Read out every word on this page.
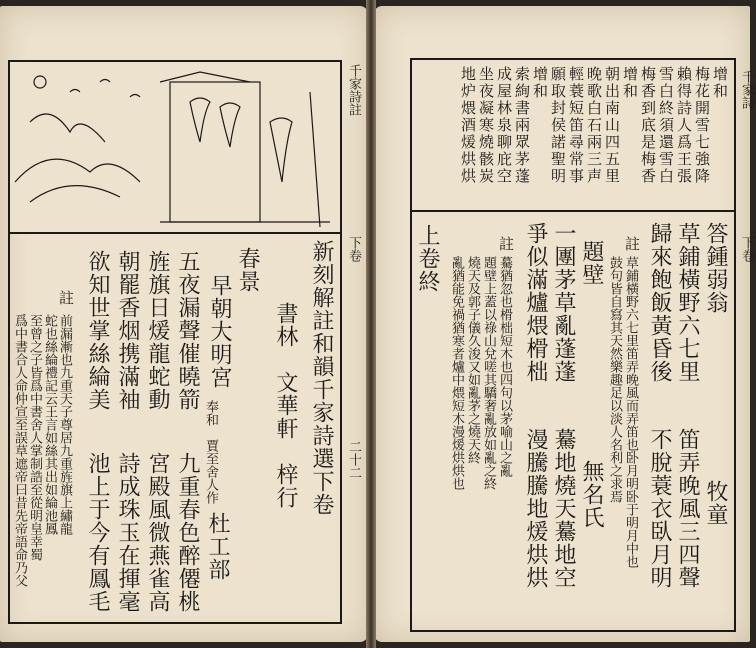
新刻解註和韻千家詩選下卷
書林　文華軒　梓行
春景
早朝大明宮
奉和　賈至舍人作
杜工部
五夜漏聲催曉箭
旌旗日煖龍蛇動
朝罷香烟携滿袖
欲知世掌絲綸美
九重春色醉僊桃
宮殿風微燕雀高
詩成珠玉在揮毫
池上于今有鳳毛
註
前漏漸也九重天子尊居九重旌旗上繡龍
蛇也絲綸禮記云王言如絲其出如綸池鳳
至曾之子皆爲中書舍人掌制誥至從明皇幸蜀
爲中書合人命仲宣至誤草遮帝曰昔先帝語命乃父
千家詩註
下卷
二十二
增和
梅花開雪七強降
賴得詩人爲王張
雪白終須還雪白
梅香到底是梅香
增和
朝出南山四五里
晚歌白石兩三声
輕蓑短笛尋常事
願取封侯諾聖明
增和
索絢書兩眾茅蓬
成屋林泉聊庇空
坐夜凝寒燒骸炭
地炉煨酒煖烘烘
答鍾弱翁
牧童
草鋪橫野六七里
笛弄晚風三四聲
歸來飽飯黃昏後
不脫蓑衣臥月明
註
草鋪橫野六七里笛弄晚風而弄笛也卧月明卧于明月中也
鼓句皆自寫其天然樂趣足以淡人名利之求焉
題壁
無名氏
一團茅草亂蓬蓬
爭似滿爐煨榾柮
驀地燒天驀地空
漫騰騰地煖烘烘
註
驀猶忽也榾柮短木也四句以茅喻山之亂
題壁上蓋以祿山兌嗟其驕奢亂放如亂之終
燒天及郭子儀久浚又如亂茅之燒天終
亂猶能免禍猶寒者爐中煨短木漫煖烘烘也
上卷終
千家詩
下卷
